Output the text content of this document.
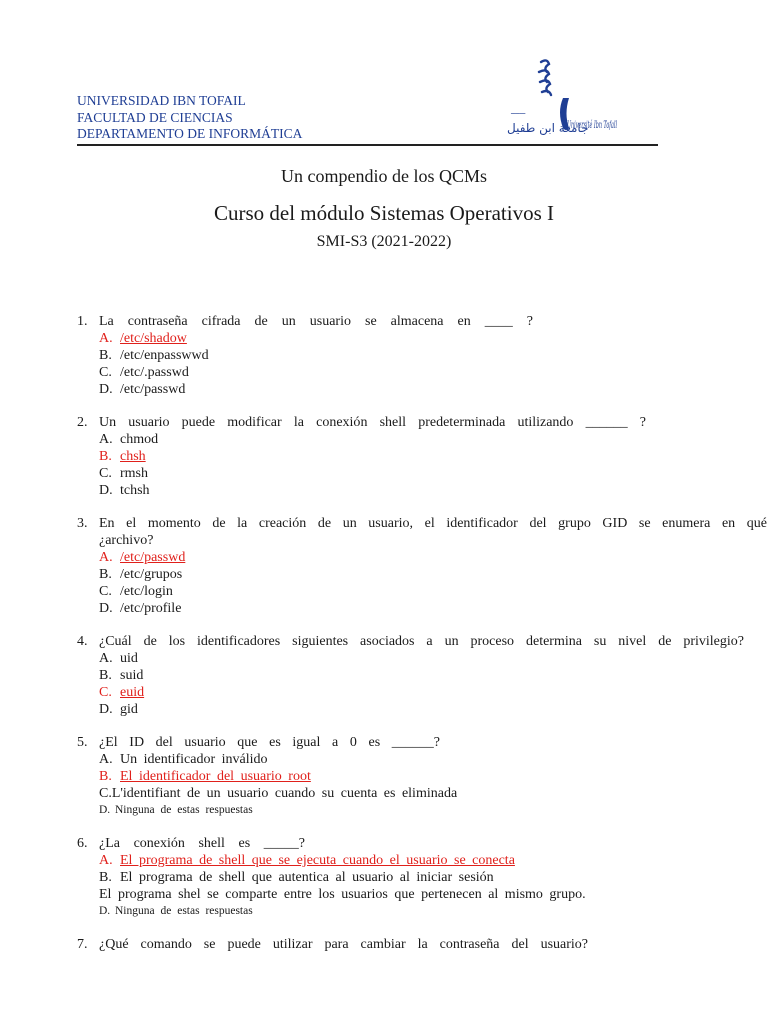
UNIVERSIDAD IBN TOFAIL
FACULTAD DE CIENCIAS
DEPARTAMENTO DE INFORMÁTICA
ـــــــ
جامعة ابن طفيل
Université Ibn Tofaïl
Un compendio de los QCMs
Curso del módulo Sistemas Operativos I
SMI-S3 (2021-2022)
1. La contraseña cifrada de un usuario se almacena en ____ ?
A. /etc/shadow
B. /etc/enpasswwd
C. /etc/.passwd
D. /etc/passwd
2. Un usuario puede modificar la conexión shell predeterminada utilizando ______ ?
A. chmod
B. chsh
C. rmsh
D. tchsh
3. En el momento de la creación de un usuario, el identificador del grupo GID se enumera en qué ¿archivo?
A. /etc/passwd
B. /etc/grupos
C. /etc/login
D. /etc/profile
4. ¿Cuál de los identificadores siguientes asociados a un proceso determina su nivel de privilegio?
A. uid
B. suid
C. euid
D. gid
5. ¿El ID del usuario que es igual a 0 es ______?
A. Un identificador inválido
B. El identificador del usuario root
C.L'identifiant de un usuario cuando su cuenta es eliminada
D. Ninguna de estas respuestas
6. ¿La conexión shell es _____?
A. El programa de shell que se ejecuta cuando el usuario se conecta
B. El programa de shell que autentica al usuario al iniciar sesión
El programa shel se comparte entre los usuarios que pertenecen al mismo grupo.
D. Ninguna de estas respuestas
7. ¿Qué comando se puede utilizar para cambiar la contraseña del usuario?
